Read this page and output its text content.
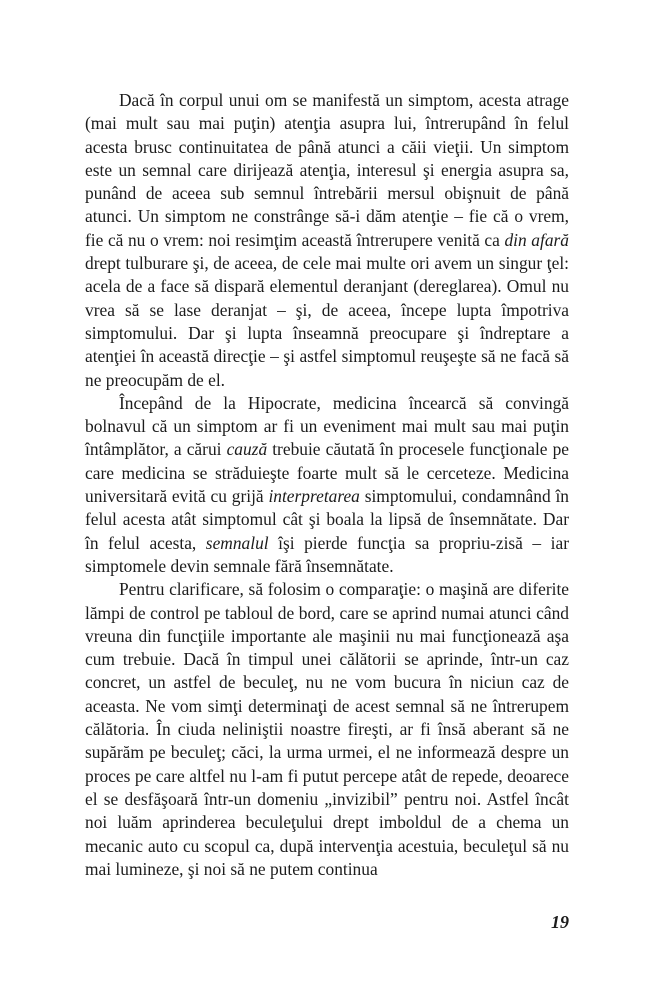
Dacă în corpul unui om se manifestă un simptom, acesta atrage (mai mult sau mai puţin) atenţia asupra lui, întrerupând în felul acesta brusc continuitatea de până atunci a căii vieţii. Un simptom este un semnal care dirijează atenţia, interesul şi energia asupra sa, punând de aceea sub semnul întrebării mersul obişnuit de până atunci. Un simptom ne constrânge să-i dăm atenţie – fie că o vrem, fie că nu o vrem: noi resimţim această întrerupere venită ca din afară drept tulburare şi, de aceea, de cele mai multe ori avem un singur ţel: acela de a face să dispară elementul deranjant (dereglarea). Omul nu vrea să se lase deranjat – şi, de aceea, începe lupta împotriva simptomului. Dar şi lupta înseamnă preocupare şi îndreptare a atenţiei în această direcţie – şi astfel simptomul reuşeşte să ne facă să ne preocupăm de el.

Începând de la Hipocrate, medicina încearcă să convingă bolnavul că un simptom ar fi un eveniment mai mult sau mai puţin întâmplător, a cărui cauză trebuie căutată în procesele funcţionale pe care medicina se străduieşte foarte mult să le cerceteze. Medicina universitară evită cu grijă interpretarea simptomului, condamnând în felul acesta atât simptomul cât şi boala la lipsă de însemnătate. Dar în felul acesta, semnalul îşi pierde funcţia sa propriu-zisă – iar simptomele devin semnale fără însemnătate.

Pentru clarificare, să folosim o comparaţie: o maşină are diferite lămpi de control pe tabloul de bord, care se aprind numai atunci când vreuna din funcţiile importante ale maşinii nu mai funcţionează aşa cum trebuie. Dacă în timpul unei călătorii se aprinde, într-un caz concret, un astfel de beculeţ, nu ne vom bucura în niciun caz de aceasta. Ne vom simţi determinaţi de acest semnal să ne întrerupem călătoria. În ciuda neliniştii noastre fireşti, ar fi însă aberant să ne supărăm pe beculeţ; căci, la urma urmei, el ne informează despre un proces pe care altfel nu l-am fi putut percepe atât de repede, deoarece el se desfăşoară într-un domeniu „invizibil” pentru noi. Astfel încât noi luăm aprinderea beculeţului drept imboldul de a chema un mecanic auto cu scopul ca, după intervenţia acestuia, beculeţul să nu mai lumineze, şi noi să ne putem continua

19
